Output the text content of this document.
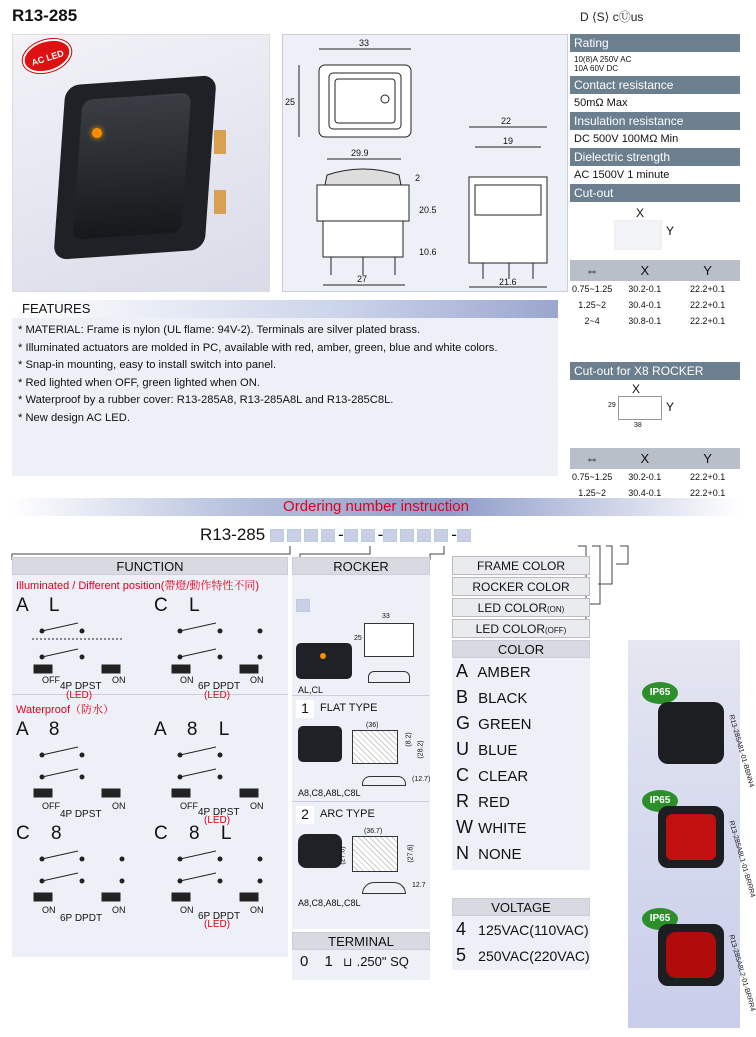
R13-285	D ⟨S⟩ cⓊus
AC LED
33
25
29.9
2
20.5
10.6
27
22
19
21.6
Rating
10(8)A 250V AC
10A 60V DC
Contact resistance
50mΩ Max
Insulation resistance
DC 500V 100MΩ Min
Dielectric strength
AC 1500V 1 minute
Cut-out
X
Y
⇔	X	Y
0.75~1.25	30.2-0.1	22.2+0.1
1.25~2	30.4-0.1	22.2+0.1
2~4	30.8-0.1	22.2+0.1
FEATURES
* MATERIAL: Frame is nylon (UL flame: 94V-2). Terminals are silver plated brass.
* Illuminated actuators are molded in PC, available with red, amber, green, blue and white colors.
* Snap-in mounting, easy to install switch into panel.
* Red lighted when OFF, green lighted when ON.
* Waterproof by a rubber cover: R13-285A8, R13-285A8L and R13-285C8L.
* New design AC LED.
Cut-out for X8 ROCKER
X
29	Y
38
⇔	X	Y
0.75~1.25	30.2-0.1	22.2+0.1
1.25~2	30.4-0.1	22.2+0.1

Ordering number instruction
R13-285	- -	-
FUNCTION
Illuminated / Different position(帶燈/動作特性不同)
A L
OFF	ON
4P DPST
(LED)
C L
ON	ON
6P DPDT
(LED)
Waterproof（防水）
A 8
OFF	ON
4P DPST
A 8 L
OFF	ON
4P DPST
(LED)
C 8
ON	ON
6P DPDT
C 8 L
ON	ON
6P DPDT
(LED)
ROCKER
33
25
AL,CL
1	FLAT TYPE
(36)
(8.2)
(28.2)
(12.7)
A8,C8,A8L,C8L
2	ARC TYPE
(36.7)
(27.6)	(27.6)
12.7
A8,C8,A8L,C8L
TERMINAL
0 1 ⊔ .250" SQ
FRAME COLOR
ROCKER COLOR
LED COLOR(ON)
LED COLOR(OFF)
COLOR
A AMBER
B BLACK
G GREEN
U BLUE
C CLEAR
R RED
W WHITE
N NONE
VOLTAGE
4 125VAC(110VAC)
5 250VAC(220VAC)
IP65
R13-285A81-01-BBNN4
IP65
R13-285A8L1-01-BRRR4
IP65
R13-285A8L2-01-BRRR4
